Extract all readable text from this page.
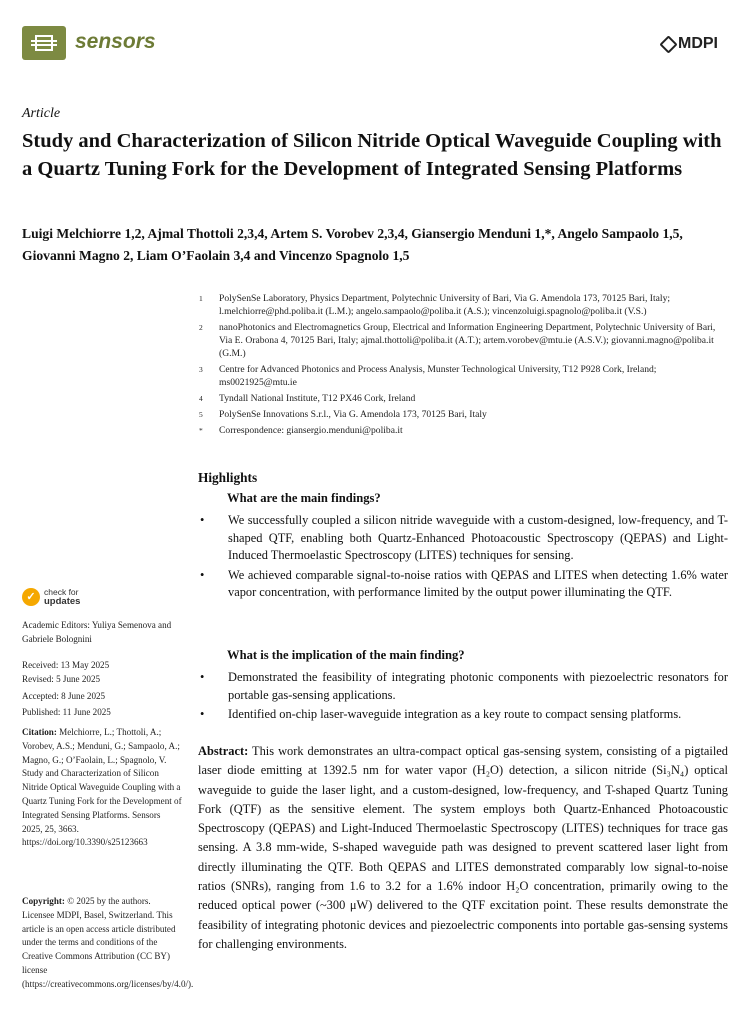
sensors	MDPI
Article
Study and Characterization of Silicon Nitride Optical Waveguide Coupling with a Quartz Tuning Fork for the Development of Integrated Sensing Platforms
Luigi Melchiorre 1,2, Ajmal Thottoli 2,3,4, Artem S. Vorobev 2,3,4, Giansergio Menduni 1,*, Angelo Sampaolo 1,5,
Giovanni Magno 2, Liam O’Faolain 3,4 and Vincenzo Spagnolo 1,5
1	PolySenSe Laboratory, Physics Department, Polytechnic University of Bari, Via G. Amendola 173, 70125 Bari, Italy; l.melchiorre@phd.poliba.it (L.M.); angelo.sampaolo@poliba.it (A.S.); vincenzoluigi.spagnolo@poliba.it (V.S.)
2	nanoPhotonics and Electromagnetics Group, Electrical and Information Engineering Department, Polytechnic University of Bari, Via E. Orabona 4, 70125 Bari, Italy; ajmal.thottoli@poliba.it (A.T.); artem.vorobev@mtu.ie (A.S.V.); giovanni.magno@poliba.it (G.M.)
3	Centre for Advanced Photonics and Process Analysis, Munster Technological University, T12 P928 Cork, Ireland; ms0021925@mtu.ie
4	Tyndall National Institute, T12 PX46 Cork, Ireland
5	PolySenSe Innovations S.r.l., Via G. Amendola 173, 70125 Bari, Italy
*	Correspondence: giansergio.menduni@poliba.it
Highlights
What are the main findings?
•	We successfully coupled a silicon nitride waveguide with a custom-designed, low-frequency, and T-shaped QTF, enabling both Quartz-Enhanced Photoacoustic Spectroscopy (QEPAS) and Light-Induced Thermoelastic Spectroscopy (LITES) techniques for sensing.
•	We achieved comparable signal-to-noise ratios with QEPAS and LITES when detecting 1.6% water vapor concentration, with performance limited by the output power illuminating the QTF.
What is the implication of the main finding?
•	Demonstrated the feasibility of integrating photonic components with piezoelectric resonators for portable gas-sensing applications.
•	Identified on-chip laser-waveguide integration as a key route to compact sensing platforms.
✓ check for
updates
Academic Editors: Yuliya Semenova and Gabriele Bolognini
Received: 13 May 2025
Revised: 5 June 2025
Accepted: 8 June 2025
Published: 11 June 2025
Citation: Melchiorre, L.; Thottoli, A.; Vorobev, A.S.; Menduni, G.; Sampaolo, A.; Magno, G.; O’Faolain, L.; Spagnolo, V. Study and Characterization of Silicon Nitride Optical Waveguide Coupling with a Quartz Tuning Fork for the Development of Integrated Sensing Platforms. Sensors 2025, 25, 3663. https://doi.org/10.3390/s25123663
Copyright: © 2025 by the authors. Licensee MDPI, Basel, Switzerland. This article is an open access article distributed under the terms and conditions of the Creative Commons Attribution (CC BY) license (https://creativecommons.org/licenses/by/4.0/).
Abstract: This work demonstrates an ultra-compact optical gas-sensing system, consisting of a pigtailed laser diode emitting at 1392.5 nm for water vapor (H₂O) detection, a silicon nitride (Si₃N₄) optical waveguide to guide the laser light, and a custom-designed, low-frequency, and T-shaped Quartz Tuning Fork (QTF) as the sensitive element. The system employs both Quartz-Enhanced Photoacoustic Spectroscopy (QEPAS) and Light-Induced Thermoelastic Spectroscopy (LITES) techniques for trace gas sensing. A 3.8 mm-wide, S-shaped waveguide path was designed to prevent scattered laser light from directly illuminating the QTF. Both QEPAS and LITES demonstrated comparably low signal-to-noise ratios (SNRs), ranging from 1.6 to 3.2 for a 1.6% indoor H₂O concentration, primarily owing to the reduced optical power (~300 μW) delivered to the QTF excitation point. These results demonstrate the feasibility of integrating photonic devices and piezoelectric components into portable gas-sensing systems for challenging environments.
